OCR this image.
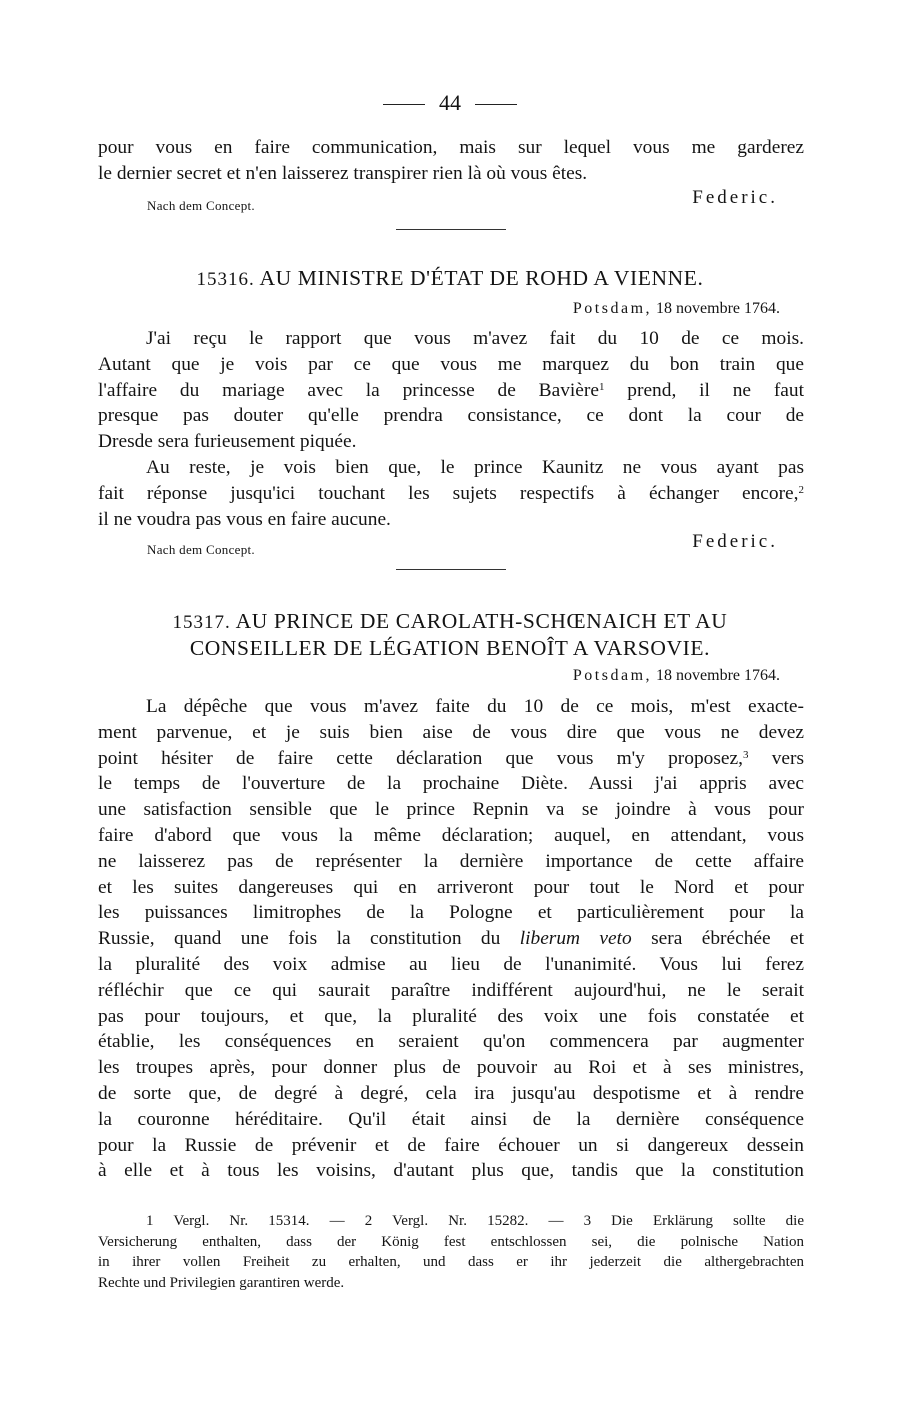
44
pour vous en faire communication, mais sur lequel vous me garderez
le dernier secret et n'en laisserez transpirer rien là où vous êtes.
Nach dem Concept.	Federic.
15316. AU MINISTRE D'ÉTAT DE ROHD A VIENNE.
Potsdam, 18 novembre 1764.
J'ai reçu le rapport que vous m'avez fait du 10 de ce mois.
Autant que je vois par ce que vous me marquez du bon train que
l'affaire du mariage avec la princesse de Bavière$^1$ prend, il ne faut
presque pas douter qu'elle prendra consistance, ce dont la cour de
Dresde sera furieusement piquée.
Au reste, je vois bien que, le prince Kaunitz ne vous ayant pas
fait réponse jusqu'ici touchant les sujets respectifs à échanger encore,$^2$
il ne voudra pas vous en faire aucune.
Nach dem Concept.	Federic.
15317. AU PRINCE DE CAROLATH-SCHŒNAICH ET AU
CONSEILLER DE LÉGATION BENOÎT A VARSOVIE.
Potsdam, 18 novembre 1764.
La dépêche que vous m'avez faite du 10 de ce mois, m'est exacte-
ment parvenue, et je suis bien aise de vous dire que vous ne devez
point hésiter de faire cette déclaration que vous m'y proposez,$^3$ vers
le temps de l'ouverture de la prochaine Diète. Aussi j'ai appris avec
une satisfaction sensible que le prince Repnin va se joindre à vous pour
faire d'abord que vous la même déclaration; auquel, en attendant, vous
ne laisserez pas de représenter la dernière importance de cette affaire
et les suites dangereuses qui en arriveront pour tout le Nord et pour
les puissances limitrophes de la Pologne et particulièrement pour la
Russie, quand une fois la constitution du liberum veto sera ébréchée et
la pluralité des voix admise au lieu de l'unanimité. Vous lui ferez
réfléchir que ce qui saurait paraître indifférent aujourd'hui, ne le serait
pas pour toujours, et que, la pluralité des voix une fois constatée et
établie, les conséquences en seraient qu'on commencera par augmenter
les troupes après, pour donner plus de pouvoir au Roi et à ses ministres,
de sorte que, de degré à degré, cela ira jusqu'au despotisme et à rendre
la couronne héréditaire. Qu'il était ainsi de la dernière conséquence
pour la Russie de prévenir et de faire échouer un si dangereux dessein
à elle et à tous les voisins, d'autant plus que, tandis que la constitution
1 Vergl. Nr. 15314. — 2 Vergl. Nr. 15282. — 3 Die Erklärung sollte die
Versicherung enthalten, dass der König fest entschlossen sei, die polnische Nation
in ihrer vollen Freiheit zu erhalten, und dass er ihr jederzeit die althergebrachten
Rechte und Privilegien garantiren werde.
